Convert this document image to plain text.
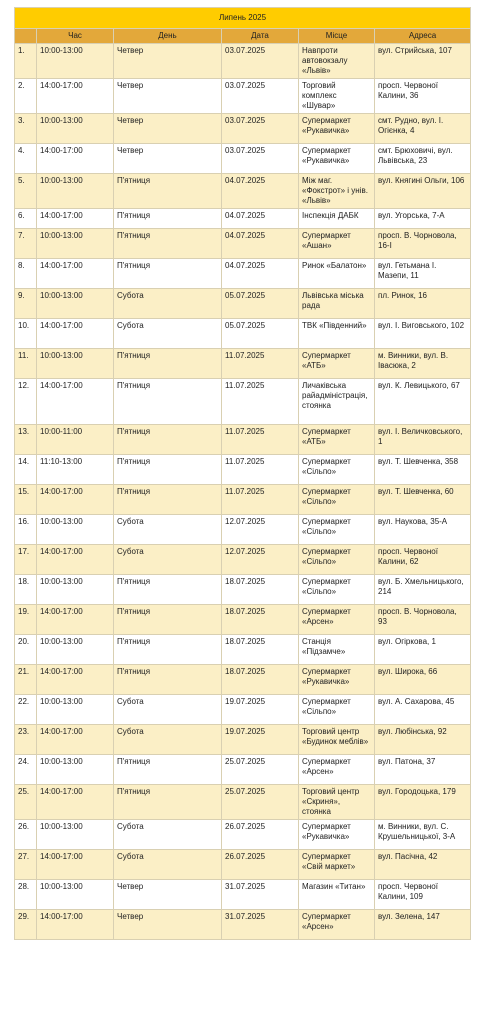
Липень 2025					
	Час	День	Дата	Місце	Адреса
1.	10:00-13:00	Четвер	03.07.2025	Навпроти автовокзалу «Львів»	вул. Стрийська, 107
2.	14:00-17:00	Четвер	03.07.2025	Торговий комплекс «Шувар»	просп. Червоної Калини, 36
3.	10:00-13:00	Четвер	03.07.2025	Супермаркет «Рукавичка»	смт. Рудно, вул. І. Огієнка, 4
4.	14:00-17:00	Четвер	03.07.2025	Супермаркет «Рукавичка»	смт. Брюховичі, вул. Львівська, 23
5.	10:00-13:00	П'ятниця	04.07.2025	Між маг. «Фокстрот» і унів. «Львів»	вул. Княгині Ольги, 106
6.	14:00-17:00	П'ятниця	04.07.2025	Інспекція ДАБК	вул. Угорська, 7-А
7.	10:00-13:00	П'ятниця	04.07.2025	Супермаркет «Ашан»	просп. В. Чорновола, 16-І
8.	14:00-17:00	П'ятниця	04.07.2025	Ринок «Балатон»	вул. Гетьмана І. Мазепи, 11
9.	10:00-13:00	Субота	05.07.2025	Львівська міська рада	пл. Ринок, 16
10.	14:00-17:00	Субота	05.07.2025	ТВК «Південний»	вул. І. Виговського, 102
11.	10:00-13:00	П'ятниця	11.07.2025	Супермаркет «АТБ»	м. Винники, вул. В. Івасюка, 2
12.	14:00-17:00	П'ятниця	11.07.2025	Личаківська райадміністрація, стоянка	вул. К. Левицького, 67
13.	10:00-11:00	П'ятниця	11.07.2025	Супермаркет «АТБ»	вул. І. Величковського, 1
14.	11:10-13:00	П'ятниця	11.07.2025	Супермаркет «Сільпо»	вул. Т. Шевченка, 358
15.	14:00-17:00	П'ятниця	11.07.2025	Супермаркет «Сільпо»	вул. Т. Шевченка, 60
16.	10:00-13:00	Субота	12.07.2025	Супермаркет «Сільпо»	вул. Наукова, 35-А
17.	14:00-17:00	Субота	12.07.2025	Супермаркет «Сільпо»	просп. Червоної Калини, 62
18.	10:00-13:00	П'ятниця	18.07.2025	Супермаркет «Сільпо»	вул. Б. Хмельницького, 214
19.	14:00-17:00	П'ятниця	18.07.2025	Супермаркет «Арсен»	просп. В. Чорновола, 93
20.	10:00-13:00	П'ятниця	18.07.2025	Станція «Підзамче»	вул. Огіркова, 1
21.	14:00-17:00	П'ятниця	18.07.2025	Супермаркет «Рукавичка»	вул. Широка, 66
22.	10:00-13:00	Субота	19.07.2025	Супермаркет «Сільпо»	вул. А. Сахарова, 45
23.	14:00-17:00	Субота	19.07.2025	Торговий центр «Будинок меблів»	вул. Любінська, 92
24.	10:00-13:00	П'ятниця	25.07.2025	Супермаркет «Арсен»	вул. Патона, 37
25.	14:00-17:00	П'ятниця	25.07.2025	Торговий центр «Скриня», стоянка	вул. Городоцька, 179
26.	10:00-13:00	Субота	26.07.2025	Супермаркет «Рукавичка»	м. Винники, вул. С. Крушельницької, 3-А
27.	14:00-17:00	Субота	26.07.2025	Супермаркет «Свій маркет»	вул. Пасічна, 42
28.	10:00-13:00	Четвер	31.07.2025	Магазин «Титан»	просп. Червоної Калини, 109
29.	14:00-17:00	Четвер	31.07.2025	Супермаркет «Арсен»	вул. Зелена, 147
